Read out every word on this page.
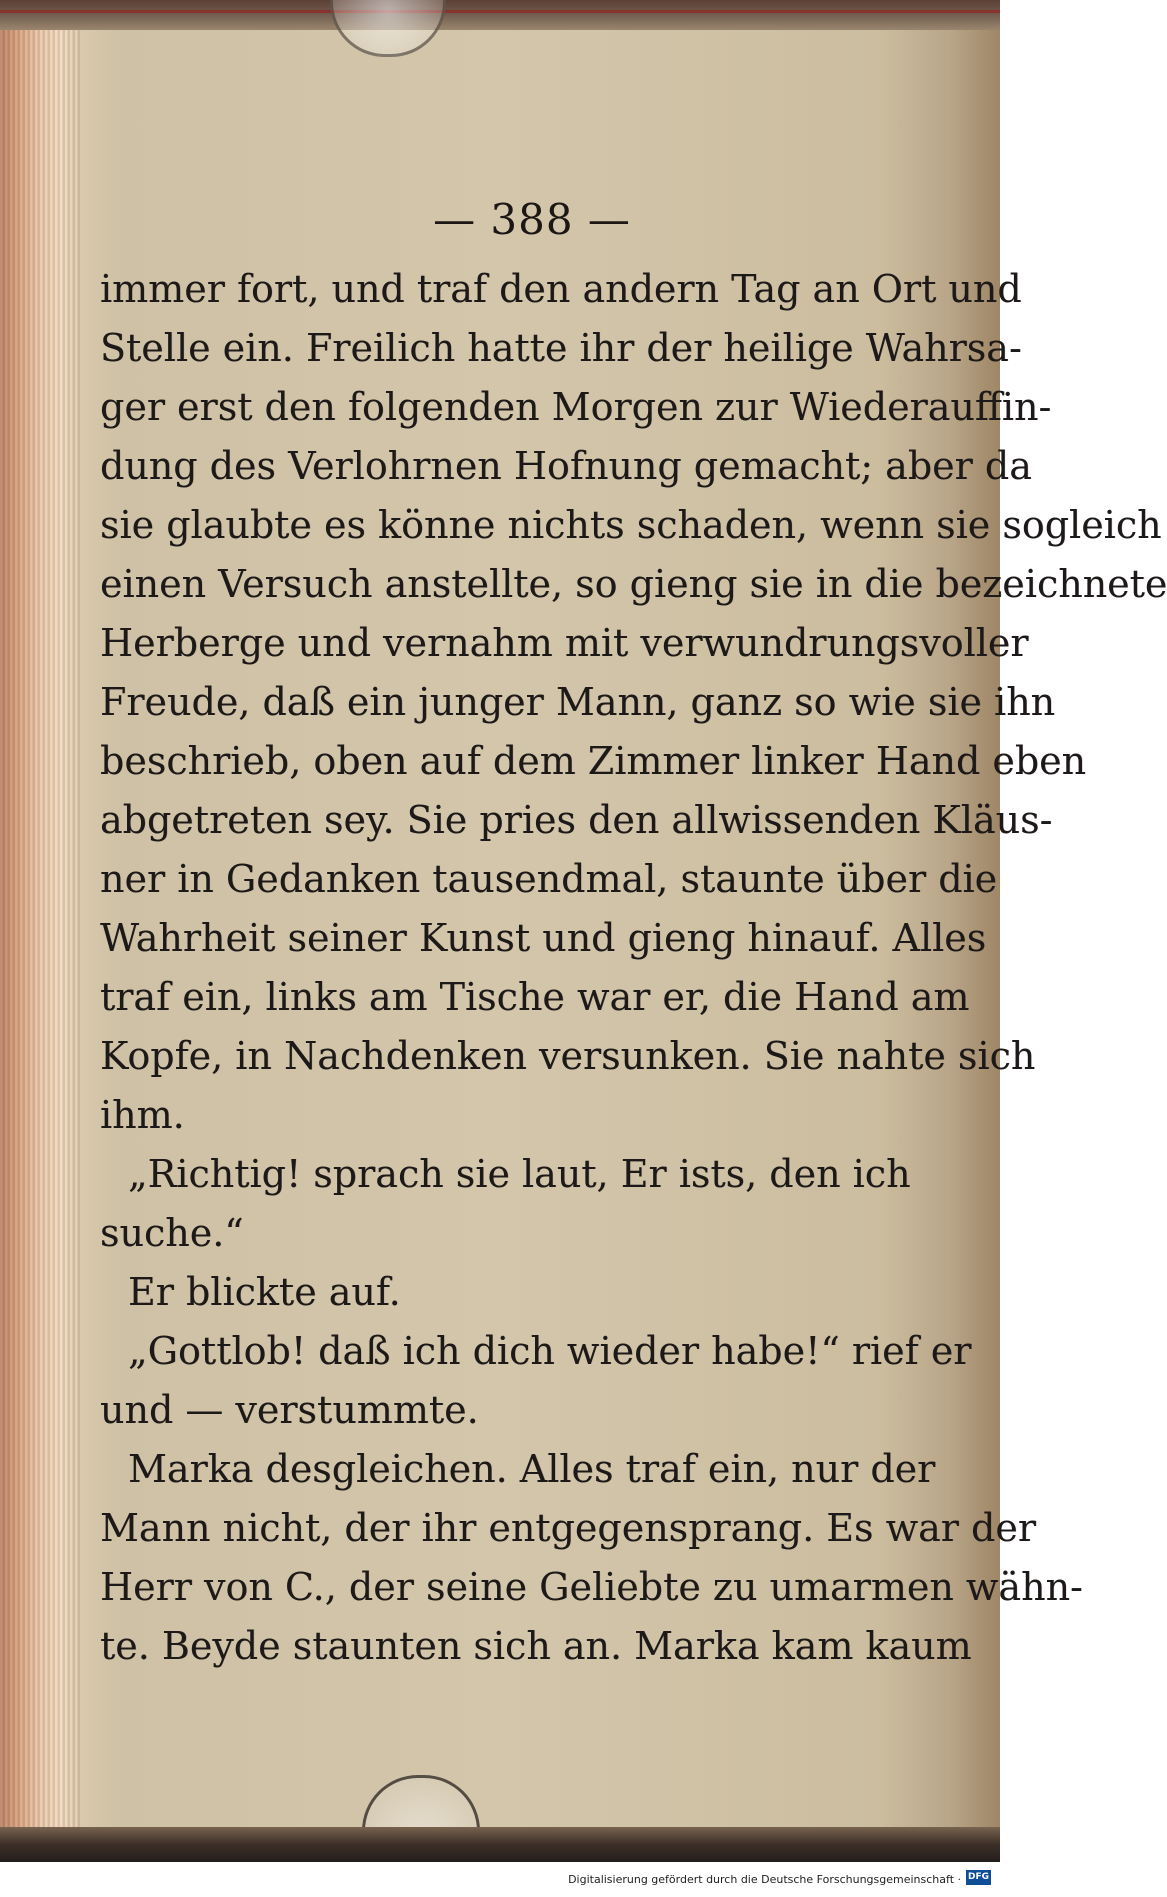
— 388 —
immer fort, und traf den andern Tag an Ort und
Stelle ein. Freilich hatte ihr der heilige Wahrsa-
ger erst den folgenden Morgen zur Wiederauffin-
dung des Verlohrnen Hofnung gemacht; aber da
sie glaubte es könne nichts schaden, wenn sie sogleich
einen Versuch anstellte, so gieng sie in die bezeichnete
Herberge und vernahm mit verwundrungsvoller
Freude, daß ein junger Mann, ganz so wie sie ihn
beschrieb, oben auf dem Zimmer linker Hand eben
abgetreten sey. Sie pries den allwissenden Kläus-
ner in Gedanken tausendmal, staunte über die
Wahrheit seiner Kunst und gieng hinauf. Alles
traf ein, links am Tische war er, die Hand am
Kopfe, in Nachdenken versunken. Sie nahte sich
ihm.
„Richtig! sprach sie laut, Er ists, den ich
suche.“
Er blickte auf.
„Gottlob! daß ich dich wieder habe!“ rief er
und — verstummte.
Marka desgleichen. Alles traf ein, nur der
Mann nicht, der ihr entgegensprang. Es war der
Herr von C., der seine Geliebte zu umarmen wähn-
te. Beyde staunten sich an. Marka kam kaum
Digitalisierung gefördert durch die Deutsche Forschungsgemeinschaft · DFG
